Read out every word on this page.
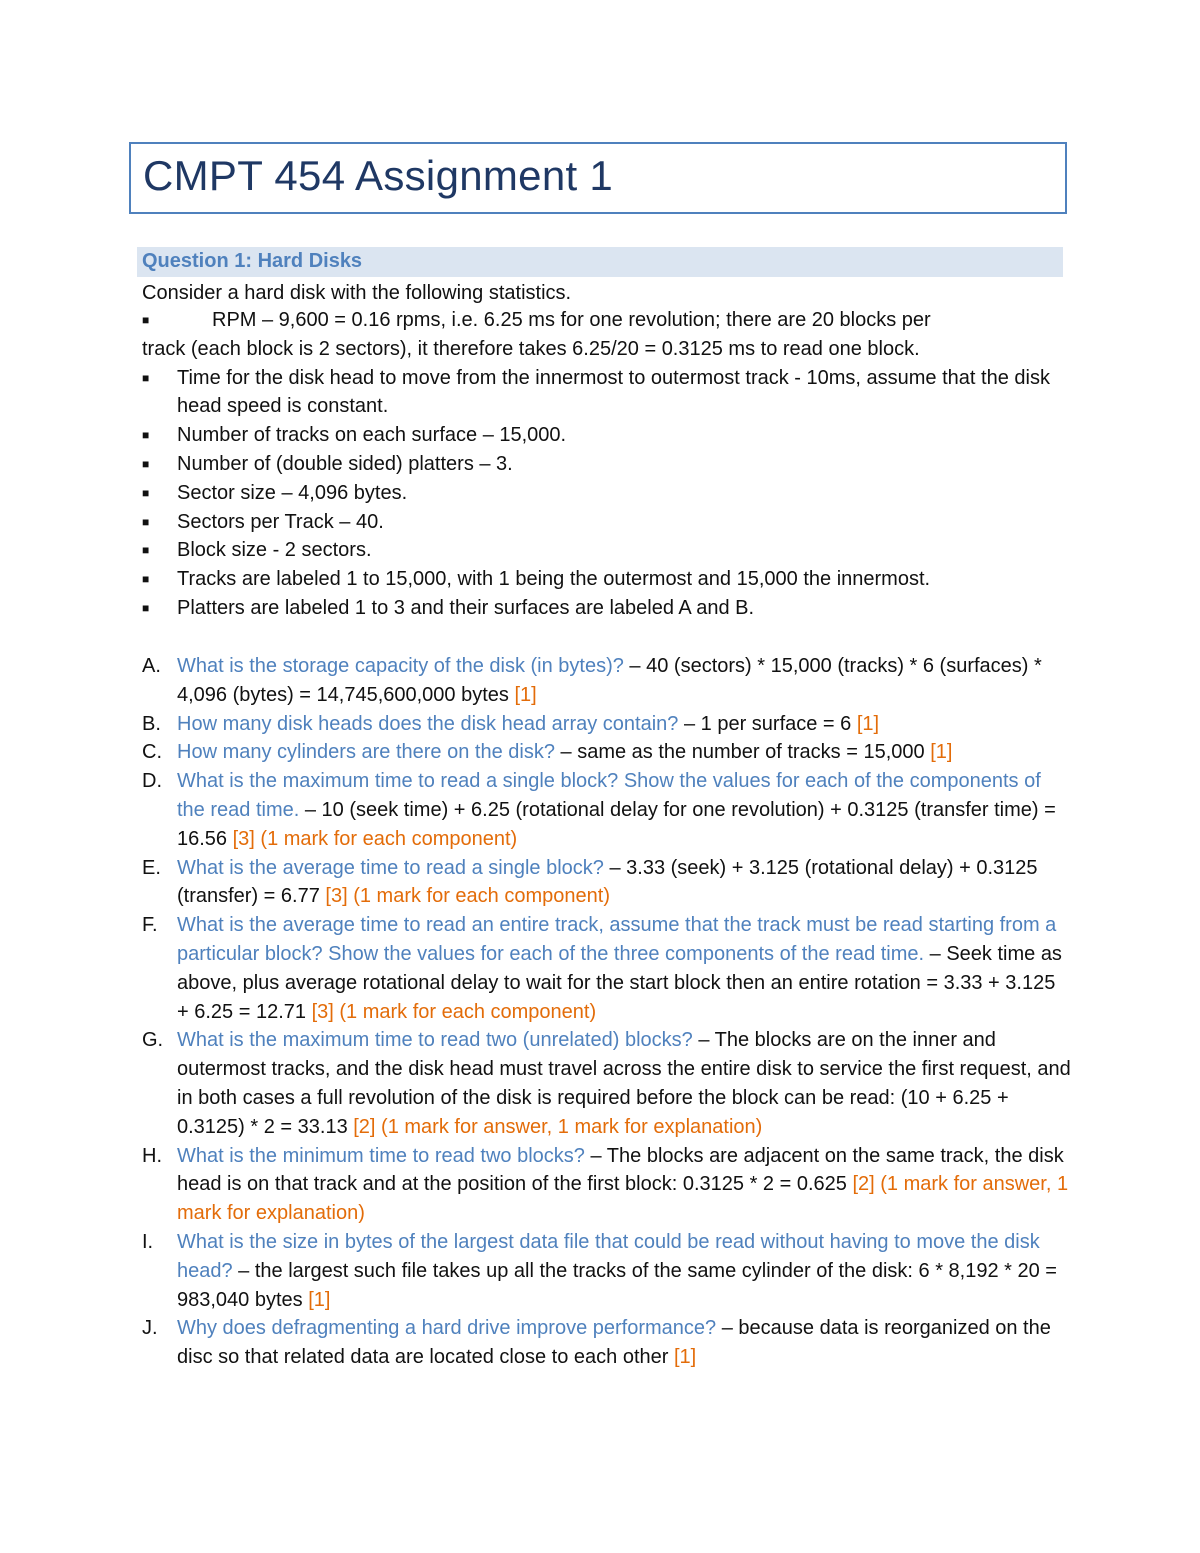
CMPT 454 Assignment 1
Question 1: Hard Disks
Consider a hard disk with the following statistics.
■	RPM – 9,600 = 0.16 rpms, i.e. 6.25 ms for one revolution; there are 20 blocks per
track (each block is 2 sectors), it therefore takes 6.25/20 = 0.3125 ms to read one block.
■ Time for the disk head to move from the innermost to outermost track - 10ms, assume that the disk head speed is constant.
■ Number of tracks on each surface – 15,000.
■ Number of (double sided) platters – 3.
■ Sector size – 4,096 bytes.
■ Sectors per Track – 40.
■ Block size - 2 sectors.
■ Tracks are labeled 1 to 15,000, with 1 being the outermost and 15,000 the innermost.
■ Platters are labeled 1 to 3 and their surfaces are labeled A and B.
A. What is the storage capacity of the disk (in bytes)? – 40 (sectors) * 15,000 (tracks) * 6 (surfaces) * 4,096 (bytes) = 14,745,600,000 bytes [1]
B. How many disk heads does the disk head array contain? – 1 per surface = 6 [1]
C. How many cylinders are there on the disk? – same as the number of tracks = 15,000 [1]
D. What is the maximum time to read a single block? Show the values for each of the components of the read time. – 10 (seek time) + 6.25 (rotational delay for one revolution) + 0.3125 (transfer time) = 16.56 [3] (1 mark for each component)
E. What is the average time to read a single block? – 3.33 (seek) + 3.125 (rotational delay) + 0.3125 (transfer) = 6.77 [3] (1 mark for each component)
F. What is the average time to read an entire track, assume that the track must be read starting from a particular block? Show the values for each of the three components of the read time. – Seek time as above, plus average rotational delay to wait for the start block then an entire rotation = 3.33 + 3.125 + 6.25 = 12.71 [3] (1 mark for each component)
G. What is the maximum time to read two (unrelated) blocks? – The blocks are on the inner and outermost tracks, and the disk head must travel across the entire disk to service the first request, and in both cases a full revolution of the disk is required before the block can be read: (10 + 6.25 + 0.3125) * 2 = 33.13 [2] (1 mark for answer, 1 mark for explanation)
H. What is the minimum time to read two blocks? – The blocks are adjacent on the same track, the disk head is on that track and at the position of the first block: 0.3125 * 2 = 0.625 [2] (1 mark for answer, 1 mark for explanation)
I. What is the size in bytes of the largest data file that could be read without having to move the disk head? – the largest such file takes up all the tracks of the same cylinder of the disk: 6 * 8,192 * 20 = 983,040 bytes [1]
J. Why does defragmenting a hard drive improve performance? – because data is reorganized on the disc so that related data are located close to each other [1]
